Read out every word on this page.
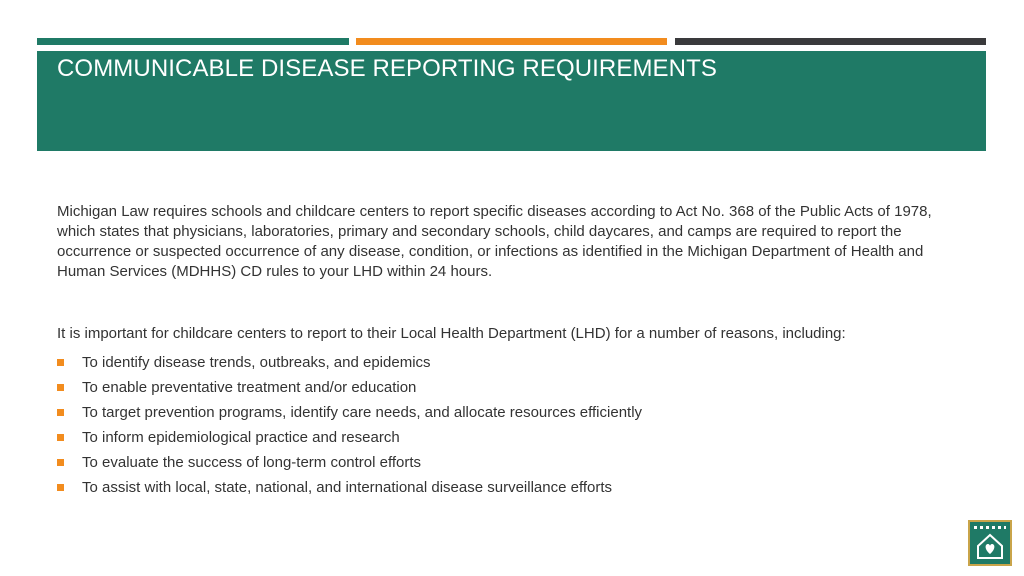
COMMUNICABLE DISEASE REPORTING REQUIREMENTS

Michigan Law requires schools and childcare centers to report specific diseases according to Act No. 368 of the Public Acts of 1978, which states that physicians, laboratories, primary and secondary schools, child daycares, and camps are required to report the occurrence or suspected occurrence of any disease, condition, or infections as identified in the Michigan Department of Health and Human Services (MDHHS) CD rules to your LHD within 24 hours.

It is important for childcare centers to report to their Local Health Department (LHD) for a number of reasons, including:

To identify disease trends, outbreaks, and epidemics
To enable preventative treatment and/or education
To target prevention programs, identify care needs, and allocate resources efficiently
To inform epidemiological practice and research
To evaluate the success of long-term control efforts
To assist with local, state, national, and international disease surveillance efforts
